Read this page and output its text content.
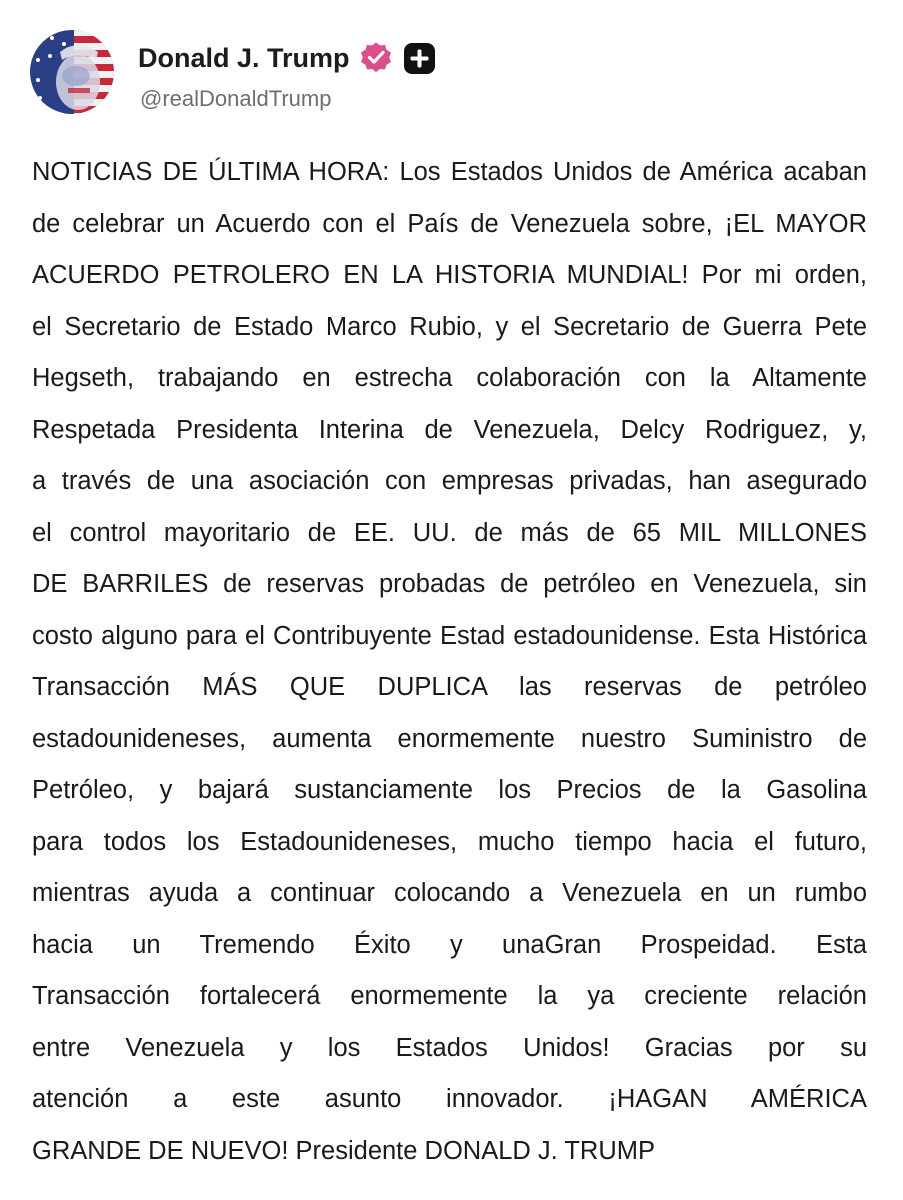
Donald J. Trump
@realDonaldTrump
NOTICIAS DE ÚLTIMA HORA: Los Estados Unidos de América acaban
de celebrar un Acuerdo con el País de Venezuela sobre, ¡EL MAYOR
ACUERDO PETROLERO EN LA HISTORIA MUNDIAL! Por mi orden,
el Secretario de Estado Marco Rubio, y el Secretario de Guerra Pete
Hegseth, trabajando en estrecha colaboración con la Altamente
Respetada Presidenta Interina de Venezuela, Delcy Rodriguez, y,
a través de una asociación con empresas privadas, han asegurado
el control mayoritario de EE. UU. de más de 65 MIL MILLONES
DE BARRILES de reservas probadas de petróleo en Venezuela, sin
costo alguno para el Contribuyente Estad estadounidense. Esta Histórica
Transacción MÁS QUE DUPLICA las reservas de petróleo
estadounideneses, aumenta enormemente nuestro Suministro de
Petróleo, y bajará sustanciamente los Precios de la Gasolina
para todos los Estadounideneses, mucho tiempo hacia el futuro,
mientras ayuda a continuar colocando a Venezuela en un rumbo
hacia un Tremendo Éxito y unaGran Prospeidad. Esta
Transacción fortalecerá enormemente la ya creciente relación
entre Venezuela y los Estados Unidos! Gracias por su
atención a este asunto innovador. ¡HAGAN AMÉRICA
GRANDE DE NUEVO! Presidente DONALD J. TRUMP
